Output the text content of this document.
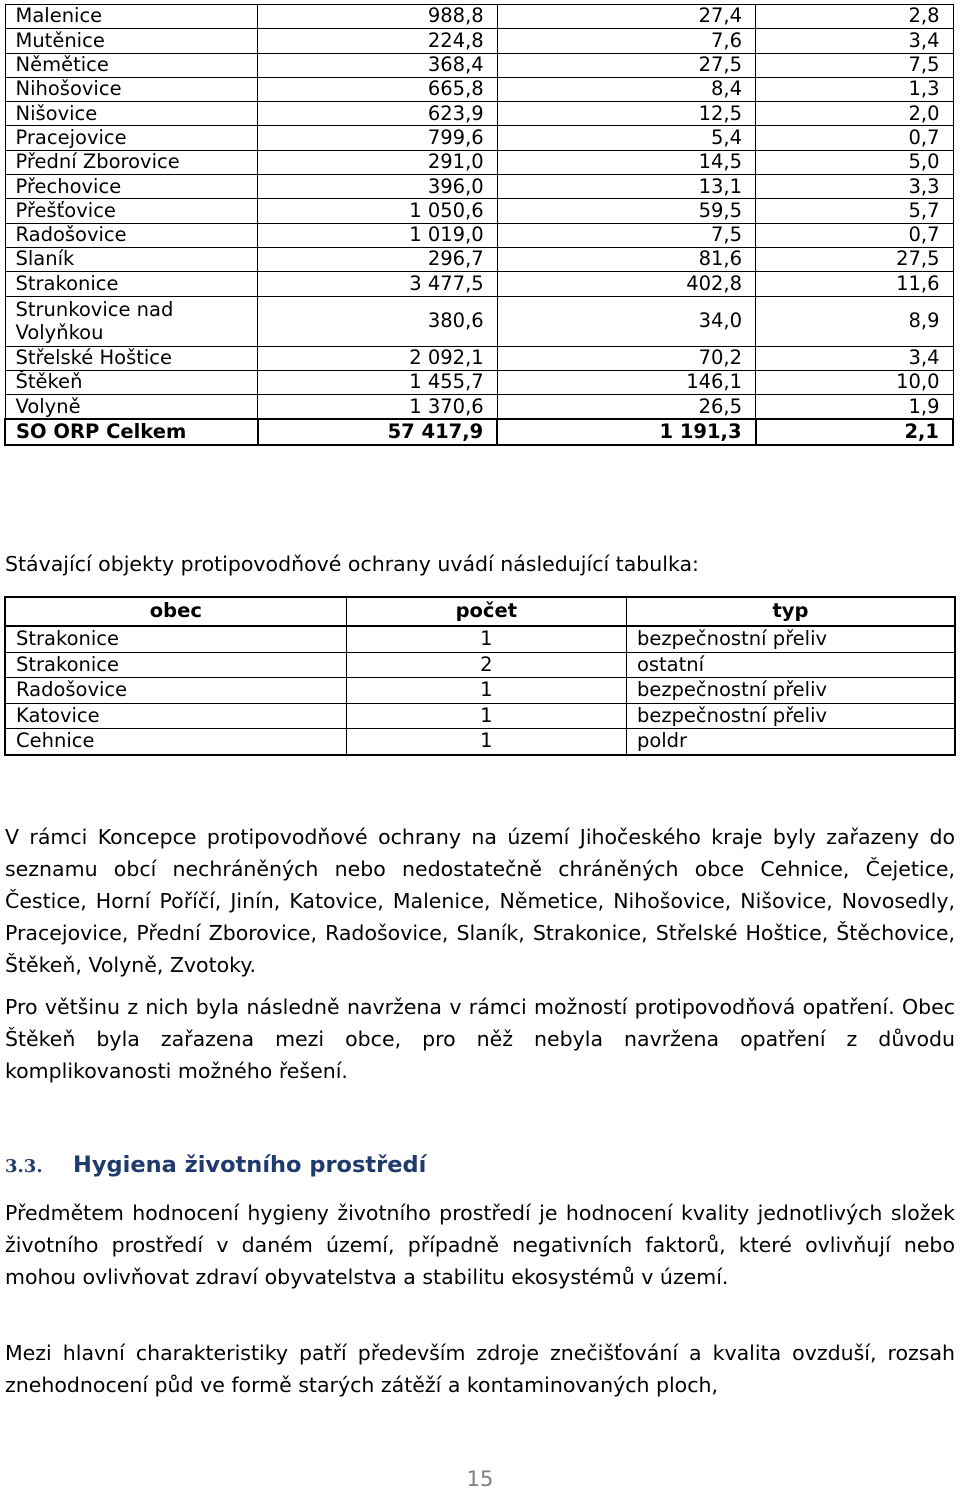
Malenice	988,8	27,4	2,8
Mutěnice	224,8	7,6	3,4
Němětice	368,4	27,5	7,5
Nihošovice	665,8	8,4	1,3
Nišovice	623,9	12,5	2,0
Pracejovice	799,6	5,4	0,7
Přední Zborovice	291,0	14,5	5,0
Přechovice	396,0	13,1	3,3
Přešťovice	1 050,6	59,5	5,7
Radošovice	1 019,0	7,5	0,7
Slaník	296,7	81,6	27,5
Strakonice	3 477,5	402,8	11,6
Strunkovice nad Volyňkou	380,6	34,0	8,9
Střelské Hoštice	2 092,1	70,2	3,4
Štěkeň	1 455,7	146,1	10,0
Volyně	1 370,6	26,5	1,9
SO ORP Celkem	57 417,9	1 191,3	2,1

Stávající objekty protipovodňové ochrany uvádí následující tabulka:

obec	počet	typ
Strakonice	1	bezpečnostní přeliv
Strakonice	2	ostatní
Radošovice	1	bezpečnostní přeliv
Katovice	1	bezpečnostní přeliv
Cehnice	1	poldr

V rámci Koncepce protipovodňové ochrany na území Jihočeského kraje byly zařazeny do seznamu obcí nechráněných nebo nedostatečně chráněných obce Cehnice, Čejetice, Čestice, Horní Poříčí, Jinín, Katovice, Malenice, Němetice, Nihošovice, Nišovice, Novosedly, Pracejovice, Přední Zborovice, Radošovice, Slaník, Strakonice, Střelské Hoštice, Štěchovice, Štěkeň, Volyně, Zvotoky.

Pro většinu z nich byla následně navržena v rámci možností protipovodňová opatření. Obec Štěkeň byla zařazena mezi obce, pro něž nebyla navržena opatření z důvodu komplikovanosti možného řešení.

3.3. Hygiena životního prostředí

Předmětem hodnocení hygieny životního prostředí je hodnocení kvality jednotlivých složek životního prostředí v daném území, případně negativních faktorů, které ovlivňují nebo mohou ovlivňovat zdraví obyvatelstva a stabilitu ekosystémů v území.

Mezi hlavní charakteristiky patří především zdroje znečišťování a kvalita ovzduší, rozsah znehodnocení půd ve formě starých zátěží a kontaminovaných ploch,

15
